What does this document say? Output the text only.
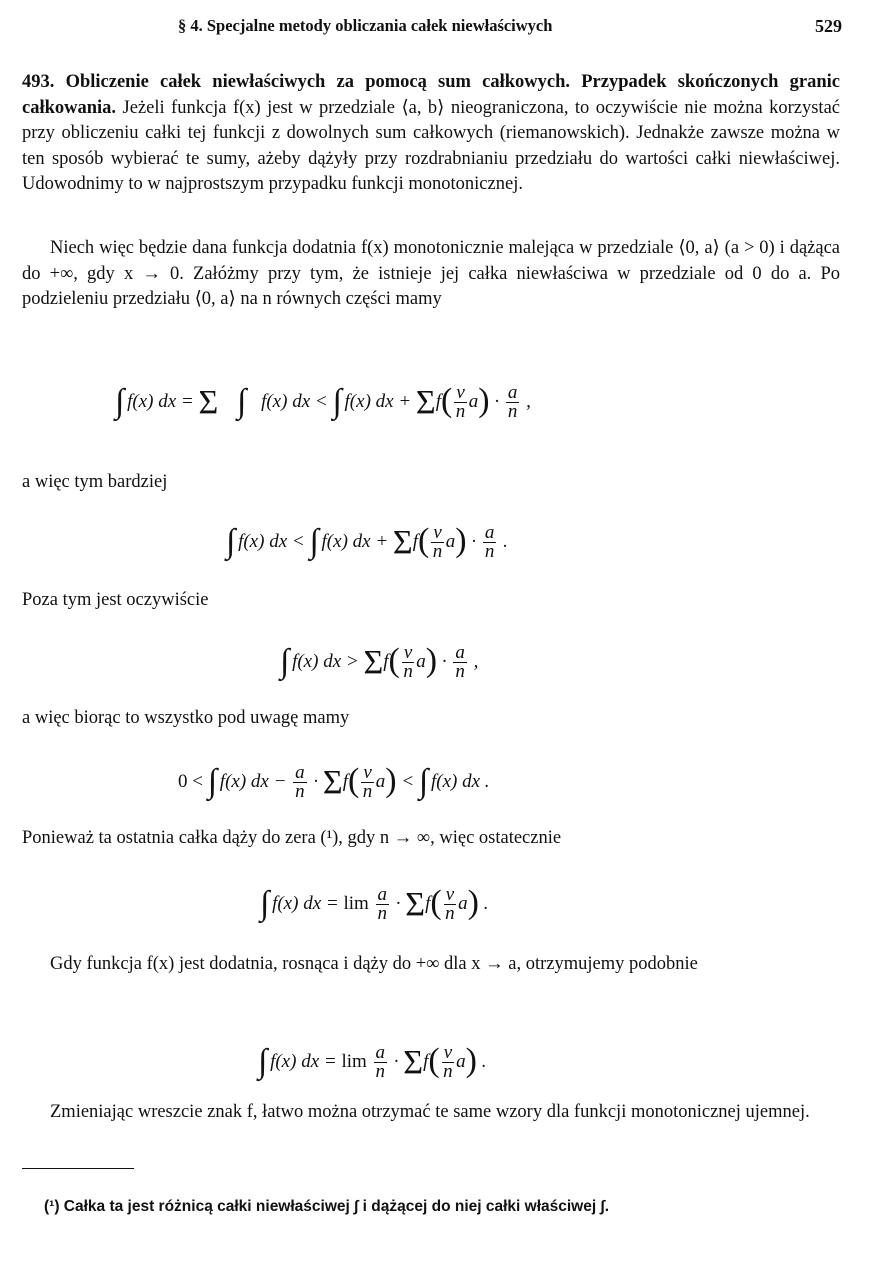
§ 4. Specjalne metody obliczania całek niewłaściwych	529
493. Obliczenie całek niewłaściwych za pomocą sum całkowych. Przypadek skończonych granic całkowania. Jeżeli funkcja f(x) jest w przedziale ⟨a, b⟩ nieograniczona, to oczywiście nie można korzystać przy obliczeniu całki tej funkcji z dowolnych sum całkowych (riemanowskich). Jednakże zawsze można w ten sposób wybierać te sumy, ażeby dążyły przy rozdrabnianiu przedziału do wartości całki niewłaściwej. Udowodnimy to w najprostszym przypadku funkcji monotonicznej.
Niech więc będzie dana funkcja dodatnia f(x) monotonicznie malejąca w przedziale ⟨0, a⟩ (a > 0) i dążąca do +∞, gdy x → 0. Załóżmy przy tym, że istnieje jej całka niewłaściwa w przedziale od 0 do a. Po podzieleniu przedziału ⟨0, a⟩ na n równych części mamy
∫ f(x) dx = Σ ∫ f(x) dx < ∫ f(x) dx + $\Sigma f( \frac{\nu}{n} a) \cdot \frac{a}{n}$ ,
a więc tym bardziej
∫ f(x) dx < ∫ f(x) dx + $\Sigma f( \frac{\nu}{n} a) \cdot \frac{a}{n}$ .
Poza tym jest oczywiście
∫ f(x) dx > $\Sigma f( \frac{\nu}{n} a) \cdot \frac{a}{n}$ ,
a więc biorąc to wszystko pod uwagę mamy
0 < ∫ f(x) dx − $\frac{a}{n} \cdot \Sigma f( \frac{\nu}{n} a)$ < ∫ f(x) dx .
Ponieważ ta ostatnia całka dąży do zera (¹), gdy n → ∞, więc ostatecznie
∫ f(x) dx = $\lim \frac{a}{n} \cdot \Sigma f( \frac{\nu}{n} a)$ .
Gdy funkcja f(x) jest dodatnia, rosnąca i dąży do +∞ dla x → a, otrzymujemy podobnie
∫ f(x) dx = $\lim \frac{a}{n} \cdot \Sigma f( \frac{\nu}{n} a)$ .
Zmieniając wreszcie znak f, łatwo można otrzymać te same wzory dla funkcji monotonicznej ujemnej.
(¹) Całka ta jest różnicą całki niewłaściwej ∫ i dążącej do niej całki właściwej ∫.
